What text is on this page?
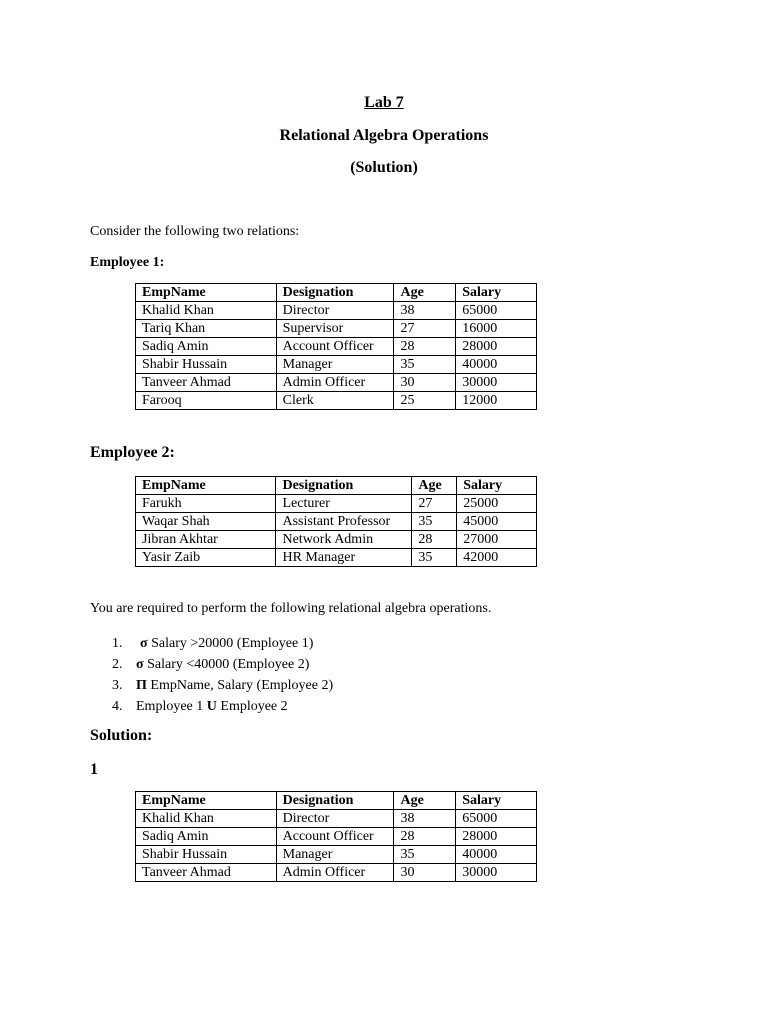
Lab 7
Relational Algebra Operations
(Solution)
Consider the following two relations:
Employee 1:
EmpName	Designation	Age	Salary
Khalid Khan	Director	38	65000
Tariq Khan	Supervisor	27	16000
Sadiq Amin	Account Officer	28	28000
Shabir Hussain	Manager	35	40000
Tanveer Ahmad	Admin Officer	30	30000
Farooq	Clerk	25	12000
Employee 2:
EmpName	Designation	Age	Salary
Farukh	Lecturer	27	25000
Waqar Shah	Assistant Professor	35	45000
Jibran Akhtar	Network Admin	28	27000
Yasir Zaib	HR Manager	35	42000
You are required to perform the following relational algebra operations.
1.	σ Salary >20000 (Employee 1)
2. σ Salary <40000 (Employee 2)
3. Π EmpName, Salary (Employee 2)
4. Employee 1 U Employee 2
Solution:
1
EmpName	Designation	Age	Salary
Khalid Khan	Director	38	65000
Sadiq Amin	Account Officer	28	28000
Shabir Hussain	Manager	35	40000
Tanveer Ahmad	Admin Officer	30	30000
